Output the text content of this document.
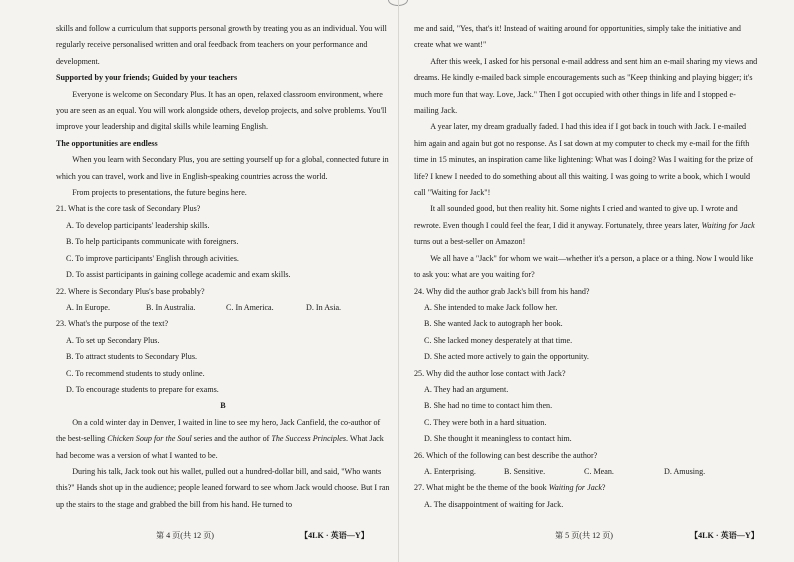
skills and follow a curriculum that supports personal growth by treating you as an individual. You will regularly receive personalised written and oral feedback from teachers on your performance and development.

Supported by your friends; Guided by your teachers

Everyone is welcome on Secondary Plus. It has an open, relaxed classroom environment, where you are seen as an equal. You will work alongside others, develop projects, and solve problems. You'll improve your leadership and digital skills while learning English.

The opportunities are endless

When you learn with Secondary Plus, you are setting yourself up for a global, connected future in which you can travel, work and live in English-speaking countries across the world.

From projects to presentations, the future begins here.

21. What is the core task of Secondary Plus?

A. To develop participants' leadership skills.

B. To help participants communicate with foreigners.

C. To improve participants' English through acivities.

D. To assist participants in gaining college academic and exam skills.

22. Where is Secondary Plus's base probably?

A. In Europe.	B. In Australia.	C. In America.	D. In Asia.

23. What's the purpose of the text?

A. To set up Secondary Plus.

B. To attract students to Secondary Plus.

C. To recommend students to study online.

D. To encourage students to prepare for exams.

B

On a cold winter day in Denver, I waited in line to see my hero, Jack Canfield, the co-author of the best-selling Chicken Soup for the Soul series and the author of The Success Principles. What Jack had become was a version of what I wanted to be.

During his talk, Jack took out his wallet, pulled out a hundred-dollar bill, and said, "Who wants this?" Hands shot up in the audience; people leaned forward to see whom Jack would choose. But I ran up the stairs to the stage and grabbed the bill from his hand. He turned to

me and said, "Yes, that's it! Instead of waiting around for opportunities, simply take the initiative and create what we want!"

After this week, I asked for his personal e-mail address and sent him an e-mail sharing my views and dreams. He kindly e-mailed back simple encouragements such as "Keep thinking and playing bigger; it's much more fun that way. Love, Jack." Then I got occupied with other things in life and I stopped e-mailing Jack.

A year later, my dream gradually faded. I had this idea if I got back in touch with Jack. I e-mailed him again and again but got no response. As I sat down at my computer to check my e-mail for the fifth time in 15 minutes, an inspiration came like lightening: What was I doing? Was I waiting for the prize of life? I knew I needed to do something about all this waiting. I was going to write a book, which I would call "Waiting for Jack"!

It all sounded good, but then reality hit. Some nights I cried and wanted to give up. I wrote and rewrote. Even though I could feel the fear, I did it anyway. Fortunately, three years later, Waiting for Jack turns out a best-seller on Amazon!

We all have a "Jack" for whom we wait—whether it's a person, a place or a thing. Now I would like to ask you: what are you waiting for?

24. Why did the author grab Jack's bill from his hand?

A. She intended to make Jack follow her.

B. She wanted Jack to autograph her book.

C. She lacked money desperately at that time.

D. She acted more actively to gain the opportunity.

25. Why did the author lose contact with Jack?

A. They had an argument.

B. She had no time to contact him then.

C. They were both in a hard situation.

D. She thought it meaningless to contact him.

26. Which of the following can best describe the author?

A. Enterprising.	B. Sensitive.	C. Mean.	D. Amusing.

27. What might be the theme of the book Waiting for Jack?

A. The disappointment of waiting for Jack.

第 4 页(共 12 页)	【4LK · 英语—Y】	第 5 页(共 12 页)	【4LK · 英语—Y】
